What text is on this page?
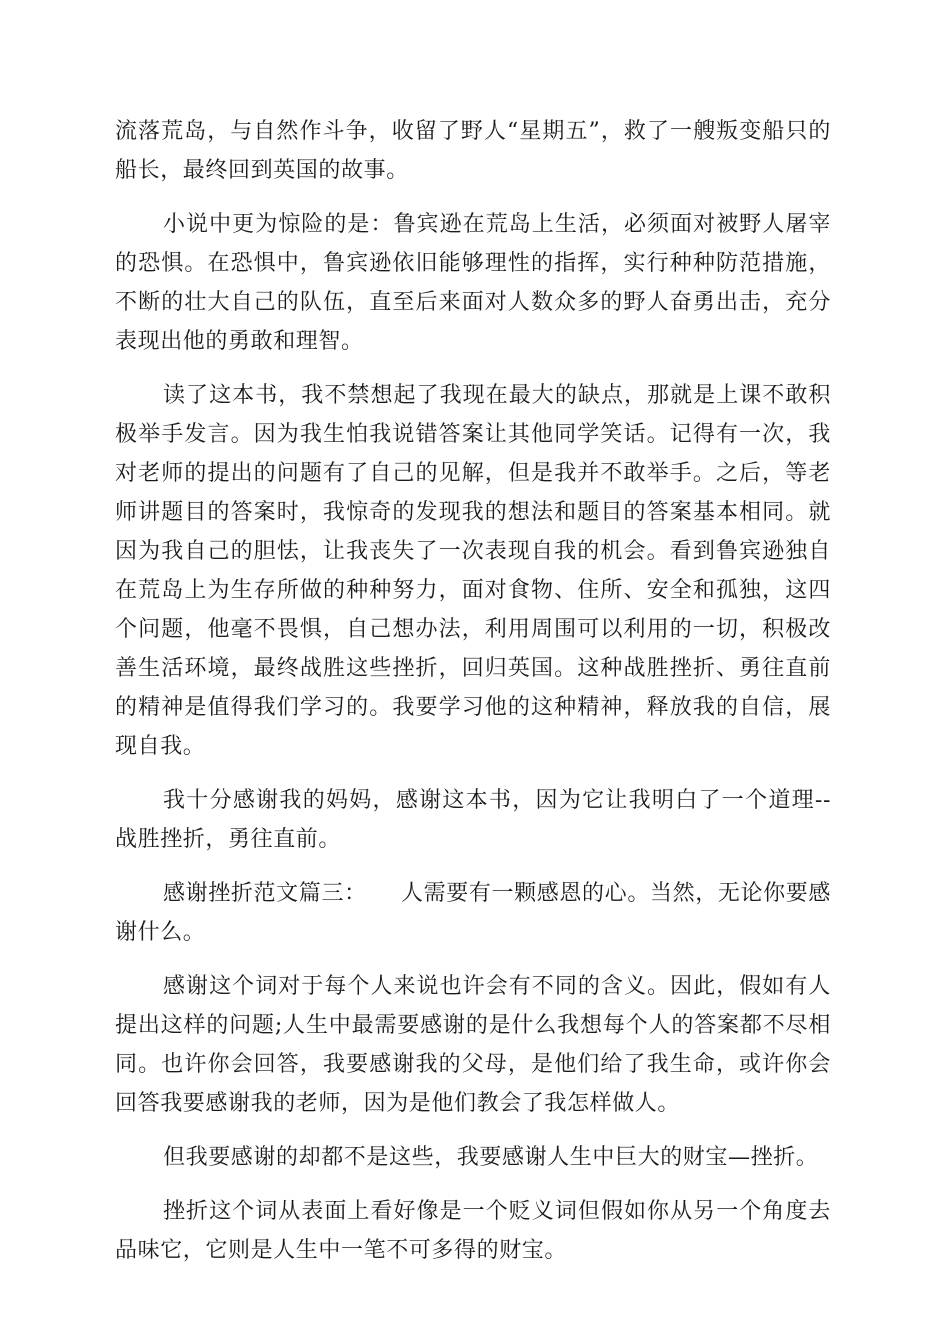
流落荒岛，与自然作斗争，收留了野人“星期五”，救了一艘叛变船只的船长，最终回到英国的故事。

小说中更为惊险的是：鲁宾逊在荒岛上生活，必须面对被野人屠宰的恐惧。在恐惧中，鲁宾逊依旧能够理性的指挥，实行种种防范措施，不断的壮大自己的队伍，直至后来面对人数众多的野人奋勇出击，充分表现出他的勇敢和理智。

读了这本书，我不禁想起了我现在最大的缺点，那就是上课不敢积极举手发言。因为我生怕我说错答案让其他同学笑话。记得有一次，我对老师的提出的问题有了自己的见解，但是我并不敢举手。之后，等老师讲题目的答案时，我惊奇的发现我的想法和题目的答案基本相同。就因为我自己的胆怯，让我丧失了一次表现自我的机会。看到鲁宾逊独自在荒岛上为生存所做的种种努力，面对食物、住所、安全和孤独，这四个问题，他毫不畏惧，自己想办法，利用周围可以利用的一切，积极改善生活环境，最终战胜这些挫折，回归英国。这种战胜挫折、勇往直前的精神是值得我们学习的。我要学习他的这种精神，释放我的自信，展现自我。

我十分感谢我的妈妈，感谢这本书，因为它让我明白了一个道理--战胜挫折，勇往直前。

感谢挫折范文篇三：　　人需要有一颗感恩的心。当然，无论你要感谢什么。

感谢这个词对于每个人来说也许会有不同的含义。因此，假如有人提出这样的问题;人生中最需要感谢的是什么我想每个人的答案都不尽相同。也许你会回答，我要感谢我的父母，是他们给了我生命，或许你会回答我要感谢我的老师，因为是他们教会了我怎样做人。

但我要感谢的却都不是这些，我要感谢人生中巨大的财宝—挫折。

挫折这个词从表面上看好像是一个贬义词但假如你从另一个角度去品味它，它则是人生中一笔不可多得的财宝。
